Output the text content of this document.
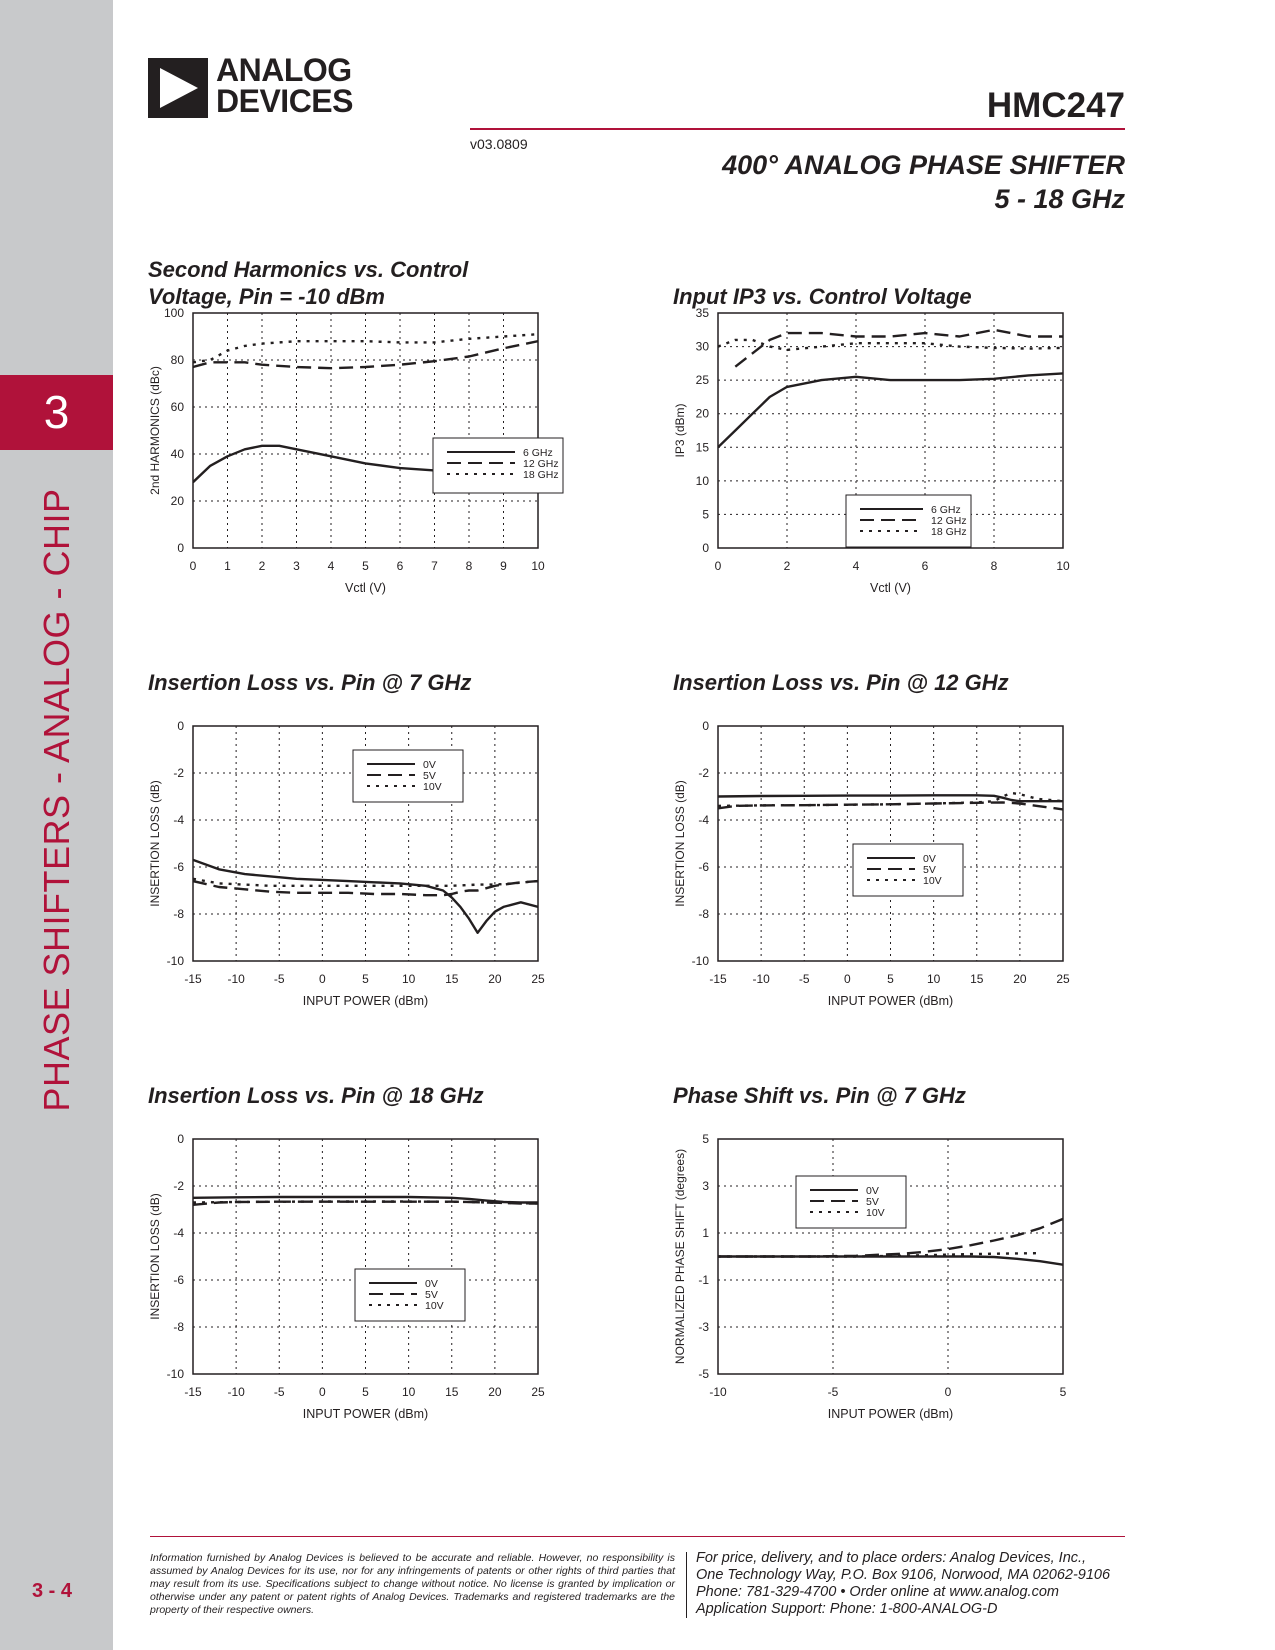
3
PHASE SHIFTERS - ANALOG - CHIP
3 - 4
ANALOG
DEVICES	HMC247
v03.0809
400° ANALOG PHASE SHIFTER
5 - 18 GHz
Second Harmonics vs. Control
Voltage, Pin = -10 dBm
0 1 2 3 4 5 6 7 8 9 10
0
20
40
60
80
100
Vctl (V)
2nd HARMONICS (dBc)	6 GHz
12 GHz
18 GHz
Input IP3 vs. Control Voltage
0	2	4	6	8	10
0
5
10
15
20
25
30
35
Vctl (V)
IP3 (dBm)
6 GHz
12 GHz
18 GHz
Insertion Loss vs. Pin @ 7 GHz
-15 -10 -5	0	5	10 15 20 25
-10
-8
-6
-4
-2
0
INPUT POWER (dBm)
INSERTION LOSS (dB)
0V
5V
10V
Insertion Loss vs. Pin @ 12 GHz
-15 -10 -5	0	5	10 15 20 25
-10
-8
-6
-4
-2
0
INPUT POWER (dBm)
INSERTION LOSS (dB)	0V
5V
10V
Insertion Loss vs. Pin @ 18 GHz
-15 -10 -5	0	5	10 15 20 25
-10
-8
-6
-4
-2
0
INPUT POWER (dBm)
INSERTION LOSS (dB)	0V
5V
10V
Phase Shift vs. Pin @ 7 GHz
-10	-5	0	5
-5
-3
-1
1
3
5
INPUT POWER (dBm)
NORMALIZED PHASE SHIFT (degrees)	0V
5V
10V
Information furnished by Analog Devices is believed to be accurate and reliable. However, no responsibility is assumed by Analog Devices for its use, nor for any infringements of patents or other rights of third parties that may result from its use. Specifications subject to change without notice. No license is granted by implication or otherwise under any patent or patent rights of Analog Devices. Trademarks and registered trademarks are the property of their respective owners.
For price, delivery, and to place orders: Analog Devices, Inc.,
One Technology Way, P.O. Box 9106, Norwood, MA 02062-9106
Phone: 781-329-4700 • Order online at www.analog.com
Application Support: Phone: 1-800-ANALOG-D
